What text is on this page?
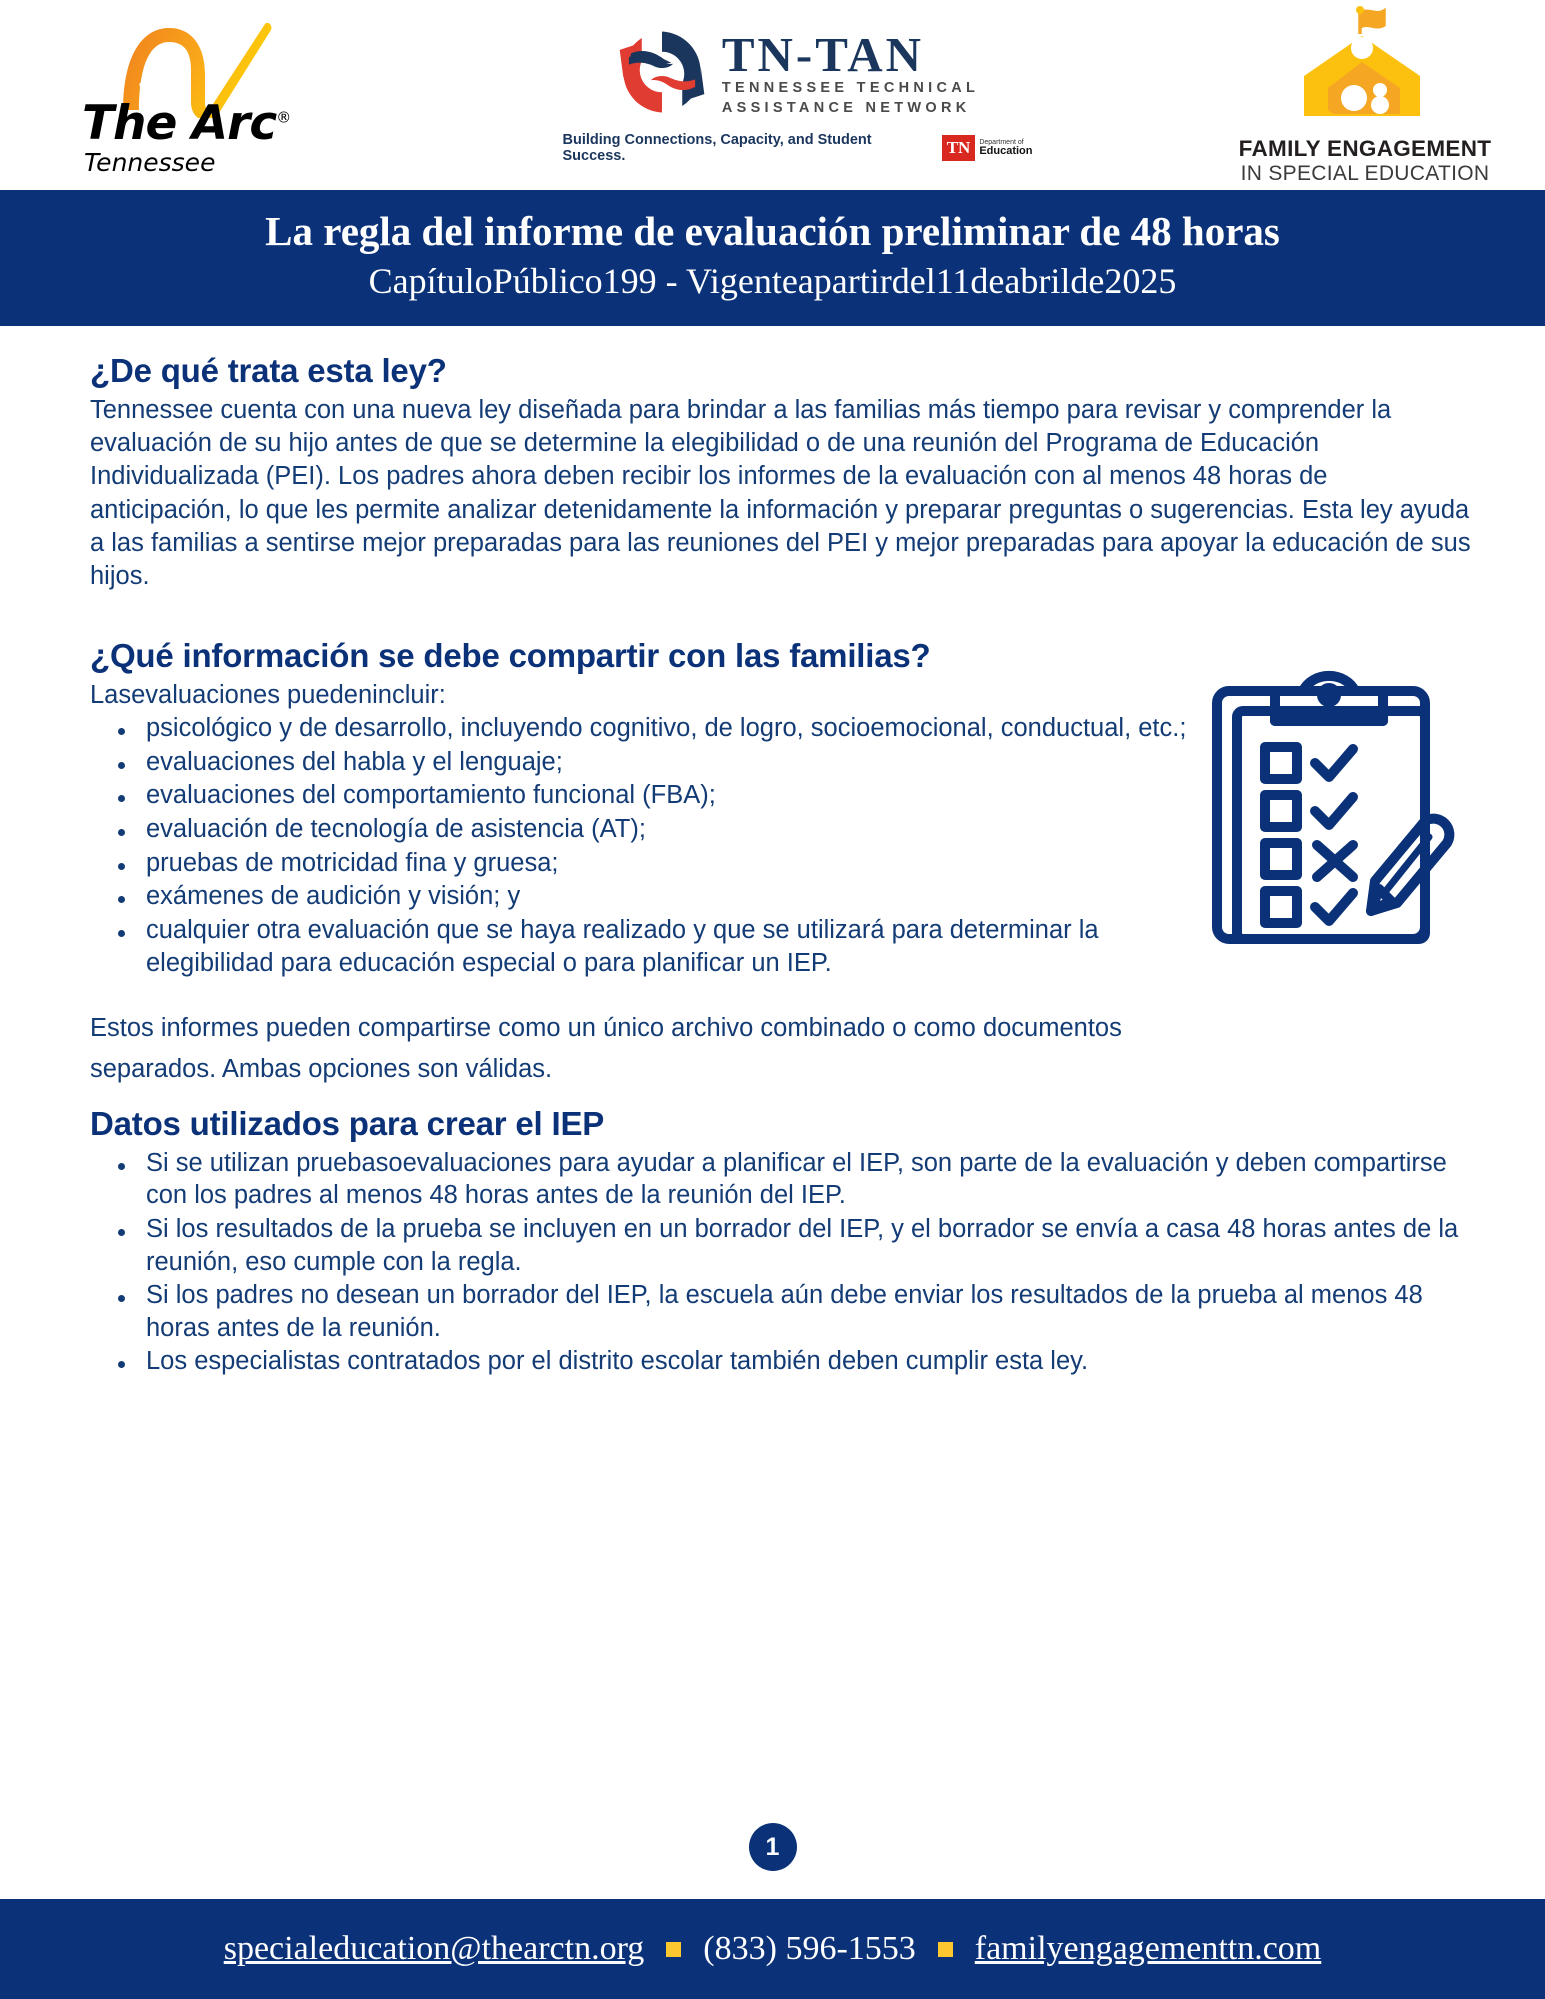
The Arc®
Tennessee
TN-TAN
TENNESSEE TECHNICAL
ASSISTANCE NETWORK
Building Connections, Capacity, and Student Success.	TN	Department of
Education	FAMILY ENGAGEMENT
IN SPECIAL EDUCATION
La regla del informe de evaluación preliminar de 48 horas
CapítuloPúblico199 - Vigenteapartirdel11deabrilde2025
¿De qué trata esta ley?

Tennessee cuenta con una nueva ley diseñada para brindar a las familias más tiempo para revisar y comprender la evaluación de su hijo antes de que se determine la elegibilidad o de una reunión del Programa de Educación Individualizada (PEI). Los padres ahora deben recibir los informes de la evaluación con al menos 48 horas de anticipación, lo que les permite analizar detenidamente la información y preparar preguntas o sugerencias. Esta ley ayuda a las familias a sentirse mejor preparadas para las reuniones del PEI y mejor preparadas para apoyar la educación de sus hijos.

¿Qué información se debe compartir con las familias?
Lasevaluaciones puedenincluir:
psicológico y de desarrollo, incluyendo cognitivo, de logro, socioemocional, conductual, etc.;
evaluaciones del habla y el lenguaje;
evaluaciones del comportamiento funcional (FBA);
evaluación de tecnología de asistencia (AT);
pruebas de motricidad fina y gruesa;
exámenes de audición y visión; y
cualquier otra evaluación que se haya realizado y que se utilizará para determinar la elegibilidad para educación especial o para planificar un IEP.

Estos informes pueden compartirse como un único archivo combinado o como documentos separados. Ambas opciones son válidas.

Datos utilizados para crear el IEP
Si se utilizan pruebasoevaluaciones para ayudar a planificar el IEP, son parte de la evaluación y deben compartirse con los padres al menos 48 horas antes de la reunión del IEP.
Si los resultados de la prueba se incluyen en un borrador del IEP, y el borrador se envía a casa 48 horas antes de la reunión, eso cumple con la regla.
Si los padres no desean un borrador del IEP, la escuela aún debe enviar los resultados de la prueba al menos 48 horas antes de la reunión.
Los especialistas contratados por el distrito escolar también deben cumplir esta ley.
1
specialeducation@thearctn.org (833) 596-1553 familyengagementtn.com
